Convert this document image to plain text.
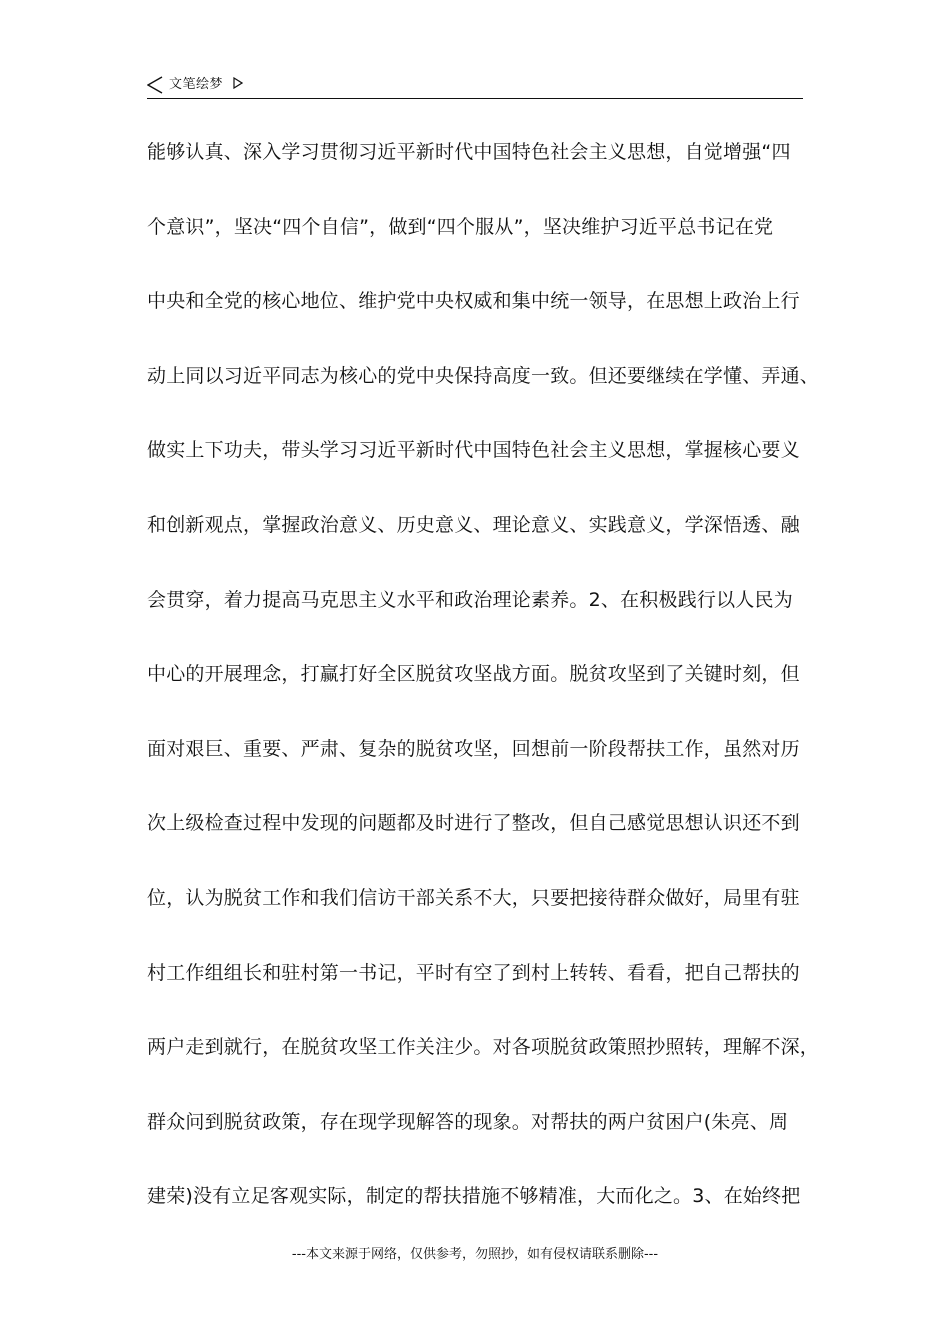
文笔绘梦
能够认真、深入学习贯彻习近平新时代中国特色社会主义思想，自觉增强“四
个意识”，坚决“四个自信”，做到“四个服从”，坚决维护习近平总书记在党
中央和全党的核心地位、维护党中央权威和集中统一领导，在思想上政治上行
动上同以习近平同志为核心的党中央保持高度一致。但还要继续在学懂、弄通、
做实上下功夫，带头学习习近平新时代中国特色社会主义思想，掌握核心要义
和创新观点，掌握政治意义、历史意义、理论意义、实践意义，学深悟透、融
会贯穿，着力提高马克思主义水平和政治理论素养。2、在积极践行以人民为
中心的开展理念，打赢打好全区脱贫攻坚战方面。脱贫攻坚到了关键时刻，但
面对艰巨、重要、严肃、复杂的脱贫攻坚，回想前一阶段帮扶工作，虽然对历
次上级检查过程中发现的问题都及时进行了整改，但自己感觉思想认识还不到
位，认为脱贫工作和我们信访干部关系不大，只要把接待群众做好，局里有驻
村工作组组长和驻村第一书记，平时有空了到村上转转、看看，把自己帮扶的
两户走到就行，在脱贫攻坚工作关注少。对各项脱贫政策照抄照转，理解不深，
群众问到脱贫政策，存在现学现解答的现象。对帮扶的两户贫困户(朱亮、周
建荣)没有立足客观实际，制定的帮扶措施不够精准，大而化之。3、在始终把
---本文来源于网络，仅供参考，勿照抄，如有侵权请联系删除---
